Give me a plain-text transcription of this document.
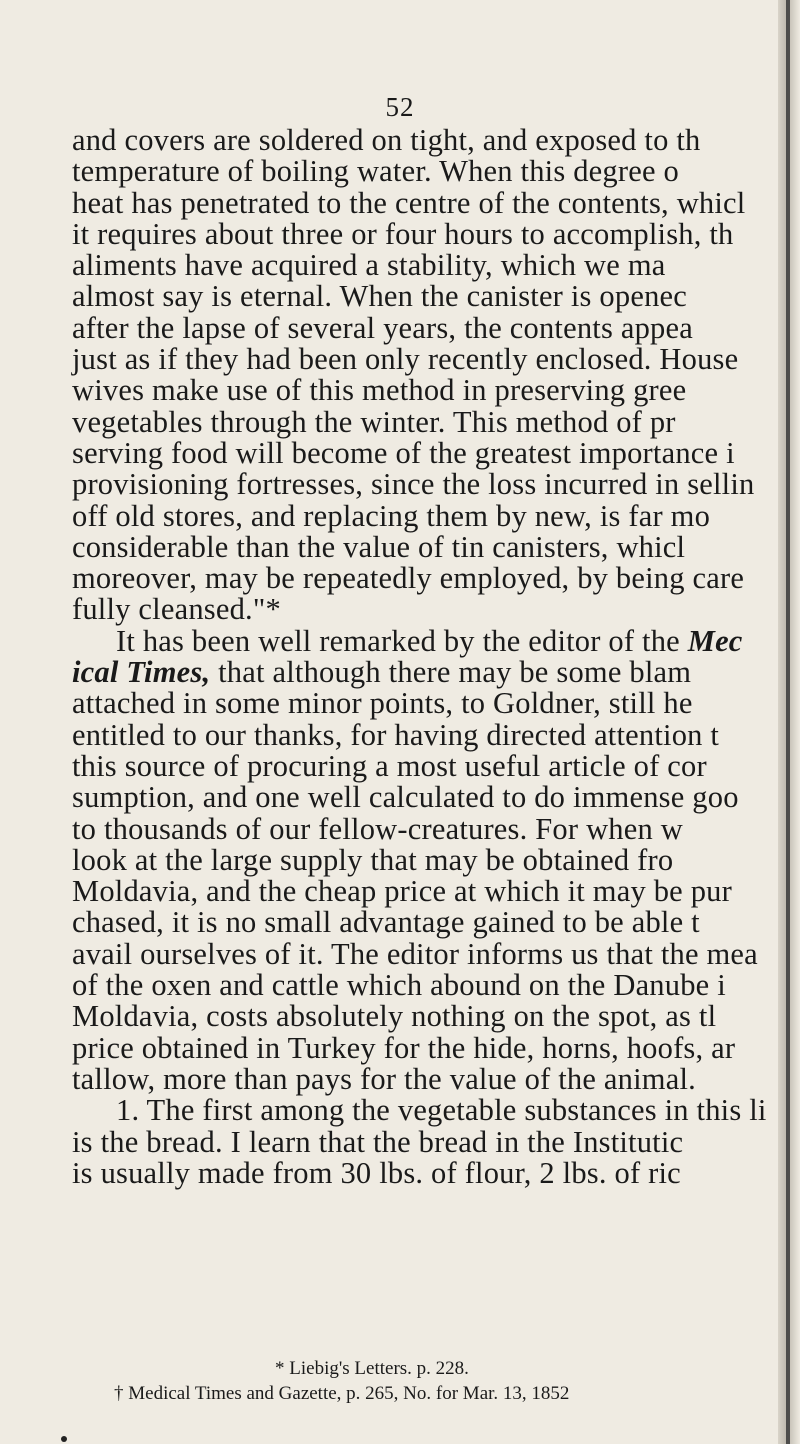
52
and covers are soldered on tight, and exposed to th
temperature of boiling water. When this degree o
heat has penetrated to the centre of the contents, whicl
it requires about three or four hours to accomplish, th
aliments have acquired a stability, which we ma
almost say is eternal. When the canister is openec
after the lapse of several years, the contents appea
just as if they had been only recently enclosed. House
wives make use of this method in preserving gree
vegetables through the winter. This method of pr
serving food will become of the greatest importance i
provisioning fortresses, since the loss incurred in sellin
off old stores, and replacing them by new, is far mo
considerable than the value of tin canisters, whicl
moreover, may be repeatedly employed, by being care
fully cleansed."*
It has been well remarked by the editor of the Mec
ical Times, that although there may be some blam
attached in some minor points, to Goldner, still he
entitled to our thanks, for having directed attention t
this source of procuring a most useful article of cor
sumption, and one well calculated to do immense goo
to thousands of our fellow-creatures. For when w
look at the large supply that may be obtained fro
Moldavia, and the cheap price at which it may be pur
chased, it is no small advantage gained to be able t
avail ourselves of it. The editor informs us that the mea
of the oxen and cattle which abound on the Danube i
Moldavia, costs absolutely nothing on the spot, as tl
price obtained in Turkey for the hide, horns, hoofs, ar
tallow, more than pays for the value of the animal.
1. The first among the vegetable substances in this li
is the bread. I learn that the bread in the Institutic
is usually made from 30 lbs. of flour, 2 lbs. of ric
* Liebig's Letters. p. 228.
† Medical Times and Gazette, p. 265, No. for Mar. 13, 1852
